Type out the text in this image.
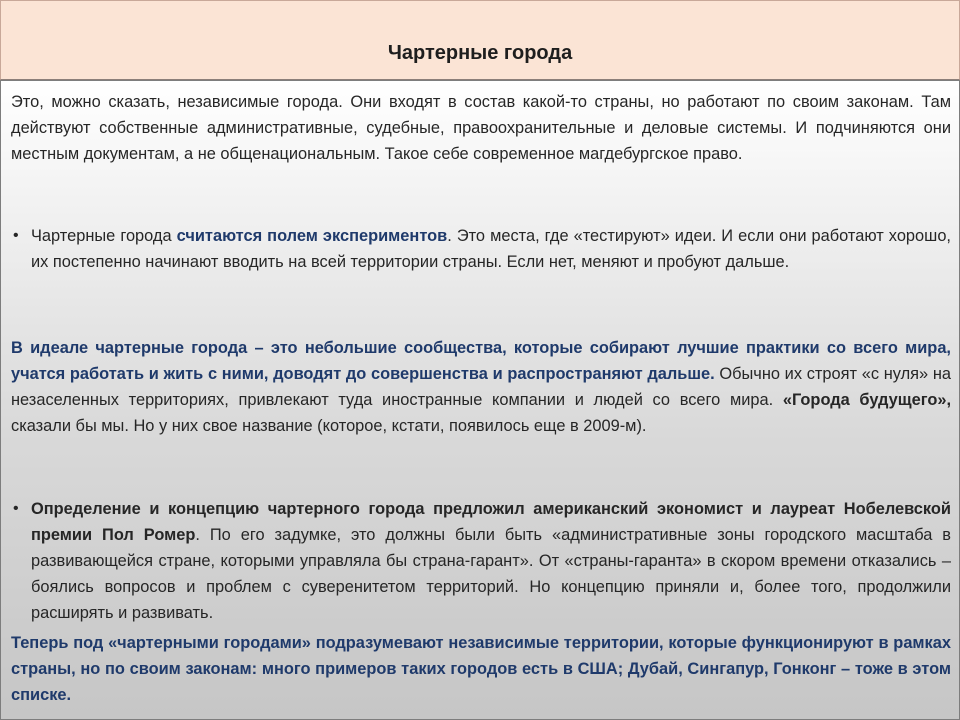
Чартерные города
Это, можно сказать, независимые города. Они входят в состав какой-то страны, но работают по своим законам. Там действуют собственные административные, судебные, правоохранительные и деловые системы. И подчиняются они местным документам, а не общенациональным. Такое себе современное магдебургское право.
• Чартерные города считаются полем экспериментов. Это места, где «тестируют» идеи. И если они работают хорошо, их постепенно начинают вводить на всей территории страны. Если нет, меняют и пробуют дальше.
В идеале чартерные города – это небольшие сообщества, которые собирают лучшие практики со всего мира, учатся работать и жить с ними, доводят до совершенства и распространяют дальше. Обычно их строят «с нуля» на незаселенных территориях, привлекают туда иностранные компании и людей со всего мира. «Города будущего», сказали бы мы. Но у них свое название (которое, кстати, появилось еще в 2009-м).
• Определение и концепцию чартерного города предложил американский экономист и лауреат Нобелевской премии Пол Ромер. По его задумке, это должны были быть «административные зоны городского масштаба в развивающейся стране, которыми управляла бы страна-гарант». От «страны-гаранта» в скором времени отказались – боялись вопросов и проблем с суверенитетом территорий. Но концепцию приняли и, более того, продолжили расширять и развивать.
Теперь под «чартерными городами» подразумевают независимые территории, которые функционируют в рамках страны, но по своим законам: много примеров таких городов есть в США; Дубай, Сингапур, Гонконг – тоже в этом списке.
